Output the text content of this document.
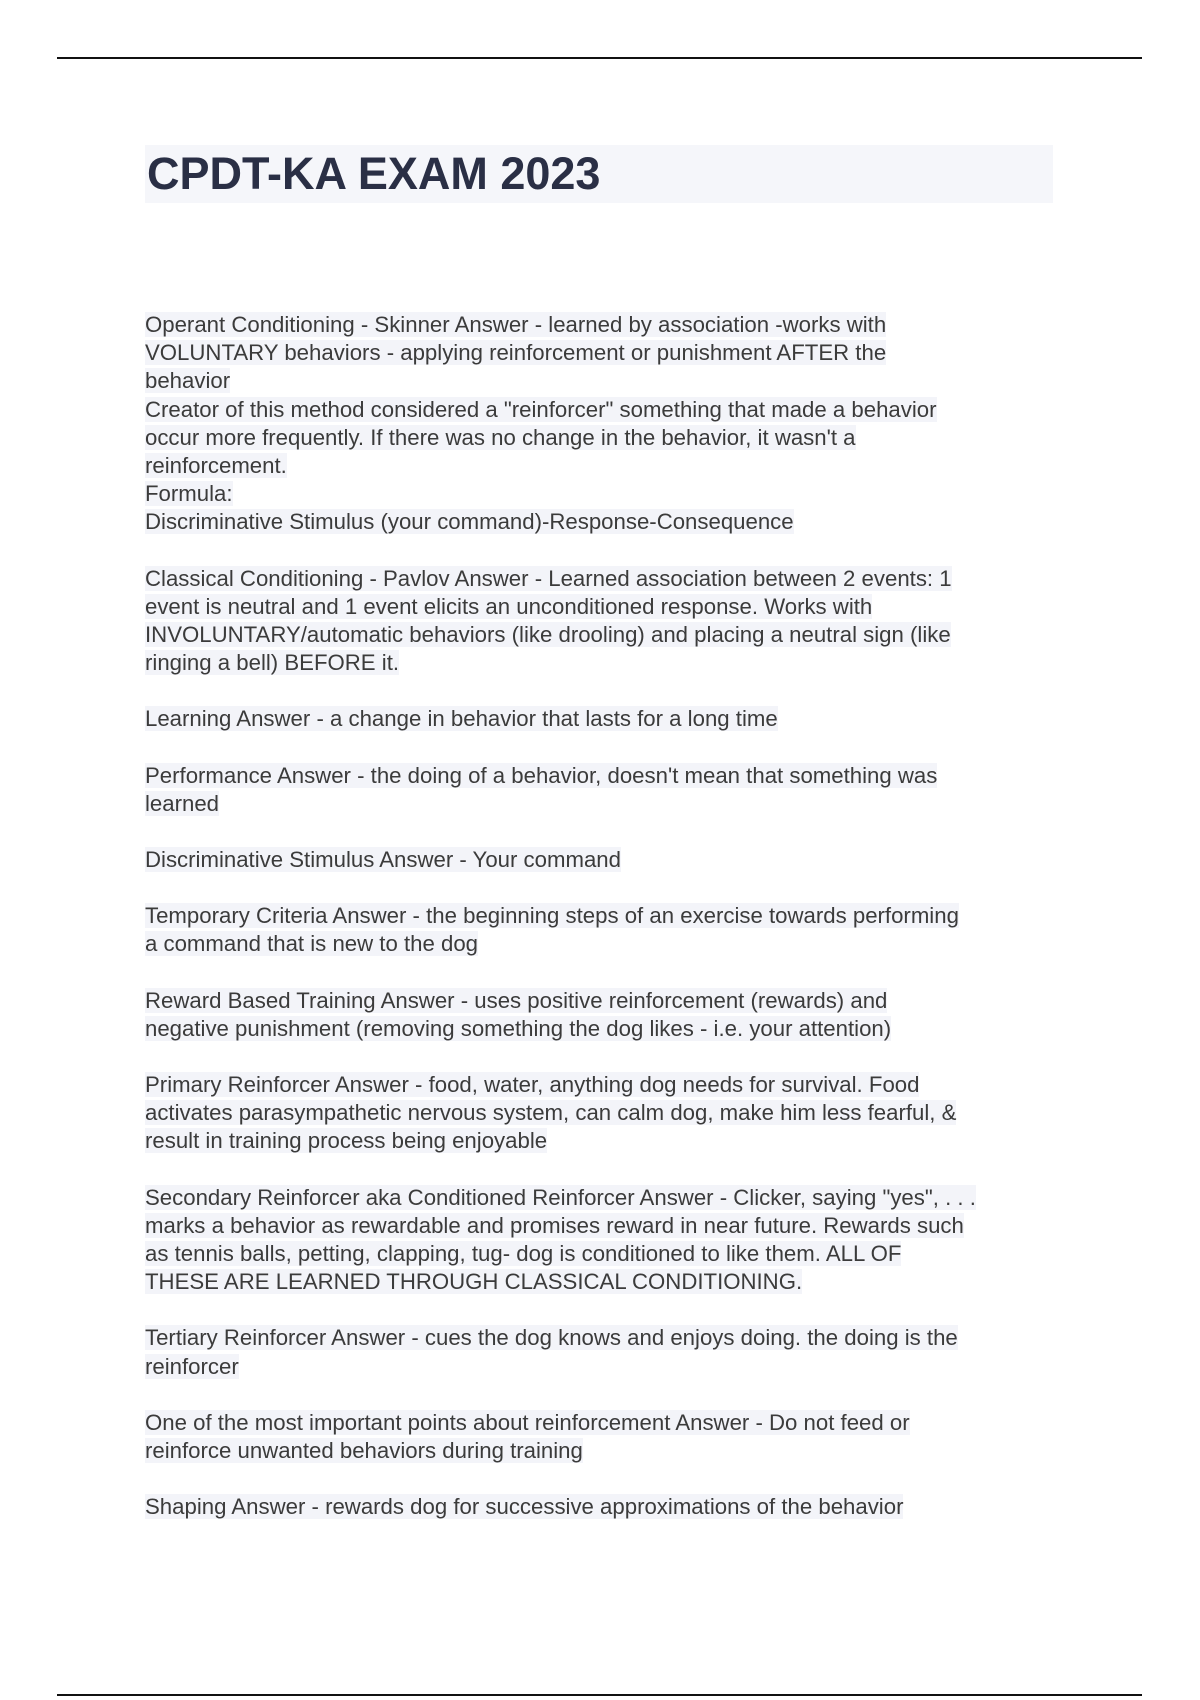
CPDT-KA EXAM 2023
Operant Conditioning - Skinner Answer - learned by association -works with
VOLUNTARY behaviors - applying reinforcement or punishment AFTER the
behavior
Creator of this method considered a "reinforcer" something that made a behavior
occur more frequently. If there was no change in the behavior, it wasn't a
reinforcement.
Formula:
Discriminative Stimulus (your command)-Response-Consequence
Classical Conditioning - Pavlov Answer - Learned association between 2 events: 1
event is neutral and 1 event elicits an unconditioned response. Works with
INVOLUNTARY/automatic behaviors (like drooling) and placing a neutral sign (like
ringing a bell) BEFORE it.
Learning Answer - a change in behavior that lasts for a long time
Performance Answer - the doing of a behavior, doesn't mean that something was
learned
Discriminative Stimulus Answer - Your command
Temporary Criteria Answer - the beginning steps of an exercise towards performing
a command that is new to the dog
Reward Based Training Answer - uses positive reinforcement (rewards) and
negative punishment (removing something the dog likes - i.e. your attention)
Primary Reinforcer Answer - food, water, anything dog needs for survival. Food
activates parasympathetic nervous system, can calm dog, make him less fearful, &
result in training process being enjoyable
Secondary Reinforcer aka Conditioned Reinforcer Answer - Clicker, saying "yes", . . .
marks a behavior as rewardable and promises reward in near future. Rewards such
as tennis balls, petting, clapping, tug- dog is conditioned to like them. ALL OF
THESE ARE LEARNED THROUGH CLASSICAL CONDITIONING.
Tertiary Reinforcer Answer - cues the dog knows and enjoys doing. the doing is the
reinforcer
One of the most important points about reinforcement Answer - Do not feed or
reinforce unwanted behaviors during training
Shaping Answer - rewards dog for successive approximations of the behavior
